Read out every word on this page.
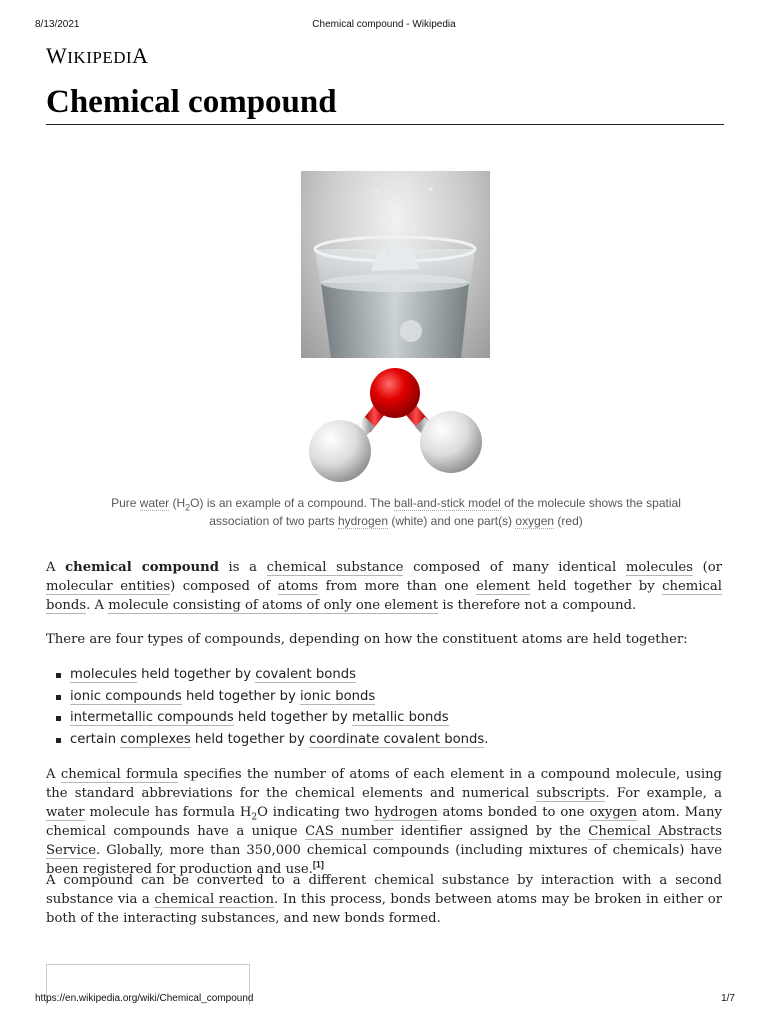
8/13/2021	Chemical compound - Wikipedia
WIKIPEDIA
Chemical compound
Pure water $(H_2O)$ is an example of a compound. The ball-and-stick model of the molecule shows the spatial association of two parts hydrogen (white) and one part(s) oxygen (red)

A chemical compound is a chemical substance composed of many identical molecules (or molecular entities) composed of atoms from more than one element held together by chemical bonds. A molecule consisting of atoms of only one element is therefore not a compound.

There are four types of compounds, depending on how the constituent atoms are held together:

molecules held together by covalent bonds
ionic compounds held together by ionic bonds
intermetallic compounds held together by metallic bonds
certain complexes held together by coordinate covalent bonds.

A chemical formula specifies the number of atoms of each element in a compound molecule, using the standard abbreviations for the chemical elements and numerical subscripts. For example, a water molecule has formula $H_2O$ indicating two hydrogen atoms bonded to one oxygen atom. Many chemical compounds have a unique CAS number identifier assigned by the Chemical Abstracts Service. Globally, more than 350,000 chemical compounds (including mixtures of chemicals) have been registered for production and use.[1]

A compound can be converted to a different chemical substance by interaction with a second substance via a chemical reaction. In this process, bonds between atoms may be broken in either or both of the interacting substances, and new bonds formed.

https://en.wikipedia.org/wiki/Chemical_compound	1/7
